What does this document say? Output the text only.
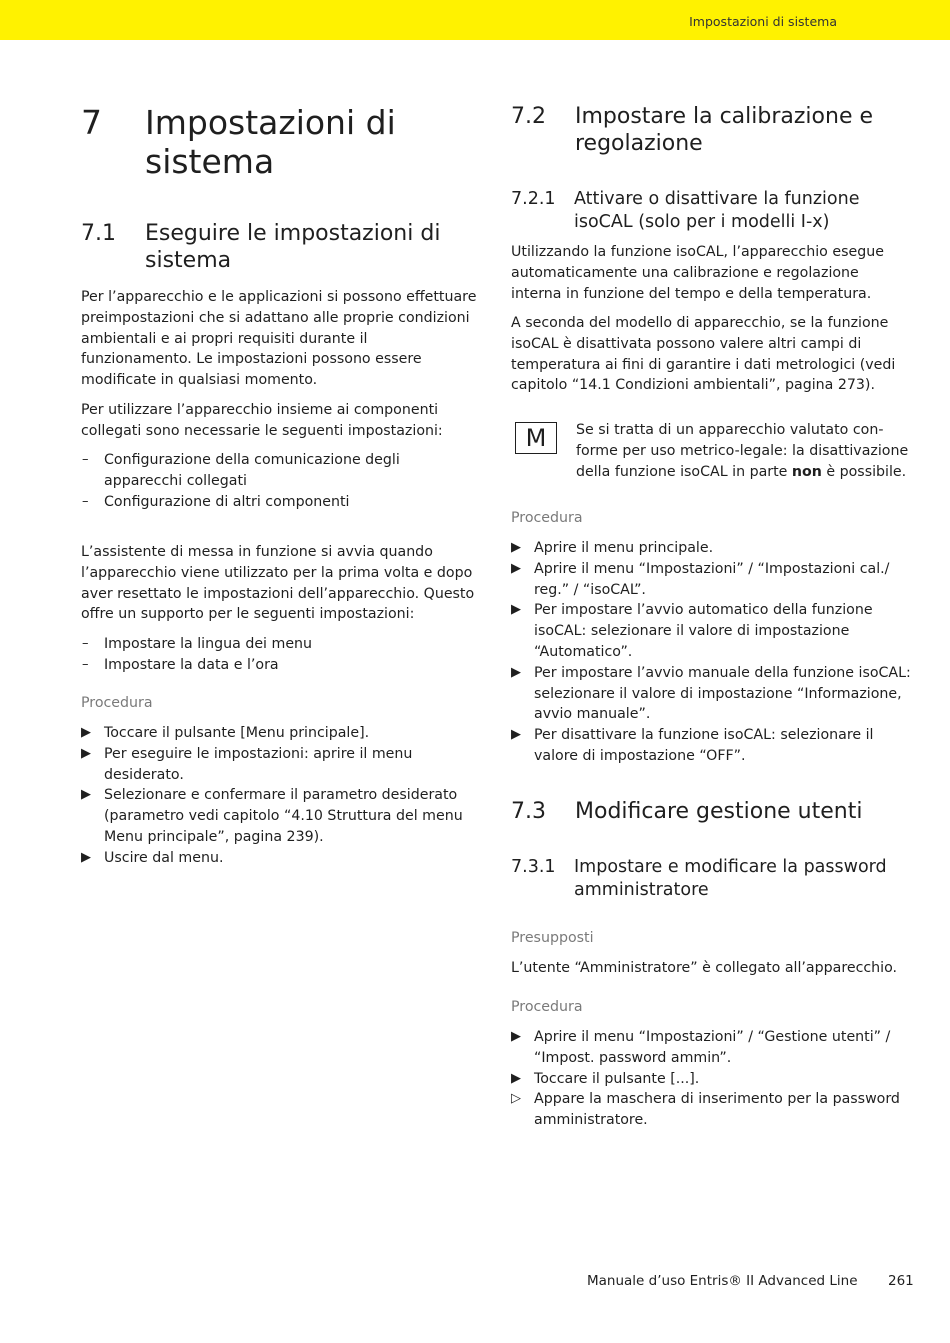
Impostazioni di sistema
7 Impostazioni di sistema
7.1 Eseguire le impostazioni di sistema
Per l’apparecchio e le applicazioni si possono effettuare preimpostazioni che si adattano alle proprie condizioni ambientali e ai propri requisiti durante il funzionamento. Le impostazioni possono essere modificate in qualsiasi momento.
Per utilizzare l’apparecchio insieme ai componenti collegati sono necessarie le seguenti impostazioni:
– Configurazione della comunicazione degli apparecchi collegati
– Configurazione di altri componenti
L’assistente di messa in funzione si avvia quando l’apparecchio viene utilizzato per la prima volta e dopo aver resettato le impostazioni dell’apparecchio. Questo offre un supporto per le seguenti impostazioni:
– Impostare la lingua dei menu
– Impostare la data e l’ora
Procedura
▶ Toccare il pulsante [Menu principale].
▶ Per eseguire le impostazioni: aprire il menu desiderato.
▶ Selezionare e confermare il parametro desiderato (parametro vedi capitolo “4.10 Struttura del menu Menu principale”, pagina 239).
▶ Uscire dal menu.
7.2 Impostare la calibrazione e regolazione
7.2.1 Attivare o disattivare la funzione isoCAL (solo per i modelli I-x)
Utilizzando la funzione isoCAL, l’apparecchio esegue automaticamente una calibrazione e regolazione interna in funzione del tempo e della temperatura.
A seconda del modello di apparecchio, se la funzione isoCAL è disattivata possono valere altri campi di temperatura ai fini di garantire i dati metrologici (vedi capitolo “14.1 Condizioni ambientali”, pagina 273).
M	Se si tratta di un apparecchio valutato conforme per uso metrico-legale: la disattivazione della funzione isoCAL in parte non è possibile.
Procedura
▶ Aprire il menu principale.
▶ Aprire il menu “Impostazioni” / “Impostazioni cal./ reg.” / “isoCAL”.
▶ Per impostare l’avvio automatico della funzione isoCAL: selezionare il valore di impostazione “Automatico”.
▶ Per impostare l’avvio manuale della funzione isoCAL: selezionare il valore di impostazione “Informazione, avvio manuale”.
▶ Per disattivare la funzione isoCAL: selezionare il valore di impostazione “OFF”.
7.3 Modificare gestione utenti
7.3.1 Impostare e modificare la password amministratore
Presupposti
L’utente “Amministratore” è collegato all’apparecchio.
Procedura
▶ Aprire il menu “Impostazioni” / “Gestione utenti” / “Impost. password ammin”.
▶ Toccare il pulsante [...].
▷ Appare la maschera di inserimento per la password amministratore.
Manuale d’uso Entris® II Advanced Line 261
